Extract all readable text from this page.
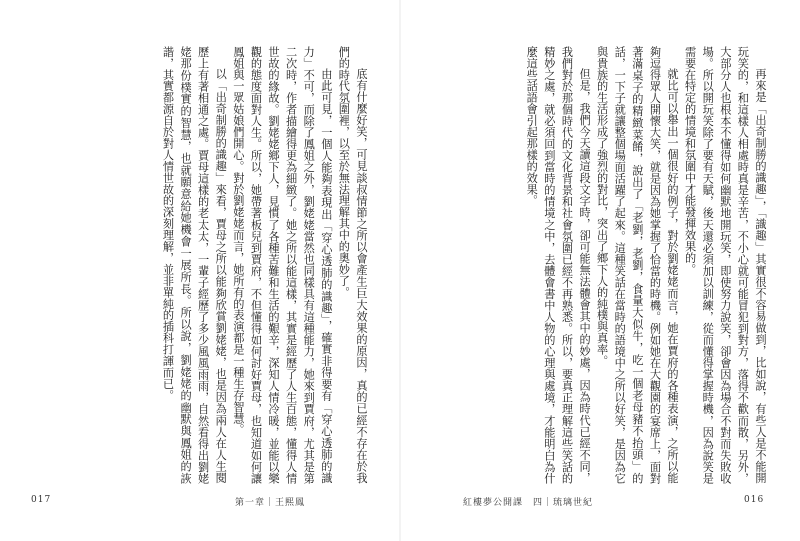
底有什麼好笑，可見談叔情節之所以會產生巨大效果的原因，真的已經不存在於我們的時代氛圍裡，以至於無法理解其中的奧妙了。

由此可見，一個人能夠表現出「穿心透肺的識趣」，確實非得要有「穿心透肺的識力」不可，而除了鳳姐之外，劉姥姥當然也同樣具有這種能力，她來到賈府，尤其是第二次時，作者描繪得更為細緻了。她之所以能這樣，其實是經歷了人生百態，懂得人情世故的緣故。劉姥姥鄉下人，見慣了各種苦難和生活的艱辛，深知人情冷暖，並能以樂觀的態度面對人生。所以，她帶著板兒到賈府，不但懂得如何討好賈母，也知道如何讓鳳姐與一眾姑娘們開心。對於劉姥姥而言，她所有的表演都是一種生存智慧。

以「出奇制勝的識趣」來看，賈母之所以能夠欣賞劉姥姥，也是因為兩人在人生閱歷上有著相通之處。賈母這樣的老太太，一輩子經歷了多少風風雨雨，自然看得出劉姥姥那份樸實的智慧，也就願意給她機會一展所長。所以說，劉姥姥的幽默與鳳姐的詼諧，其實都源自於對人情世故的深刻理解，並非單純的插科打諢而已。

017	第一章｜王熙鳳

再來是「出奇制勝的識趣」，「識趣」其實很不容易做到，比如說，有些人是不能開玩笑的，和這樣人相處時真是辛苦，不小心就可能冒犯到對方，落得不歡而散，另外，大部分人也根本不懂得如何幽默地開玩笑，即使努力說笑，卻會因為場合不對而失敗收場。所以開玩笑除了要有天賦，後天還必須加以訓練，從而懂得掌握時機，因為說笑是需要在特定的情境和氛圍中才能發揮效果的。

就比可以舉出一個很好的例子，對於劉姥姥而言，她在賈府的各種表演，之所以能夠逗得眾人開懷大笑，就是因為她掌握了恰當的時機。例如她在大觀園的宴席上，面對著滿桌子的精緻菜餚，說出了「老劉，老劉，食量大似牛，吃一個老母豬不抬頭」的話，一下子就讓整個場面活躍了起來。這種笑話在當時的語境中之所以好笑，是因為它與貴族的生活形成了強烈的對比，突出了鄉下人的純樸與真率。

但是，我們今天讀這段文字時，卻可能無法體會其中的妙處，因為時代已經不同，我們對於那個時代的文化背景和社會氛圍已經不再熟悉。所以，要真正理解這些笑話的精妙之處，就必須回到當時的情境之中，去體會書中人物的心理與處境，才能明白為什麼這些話語會引起那樣的效果。

紅樓夢公開課　四｜琉璃世紀	016
